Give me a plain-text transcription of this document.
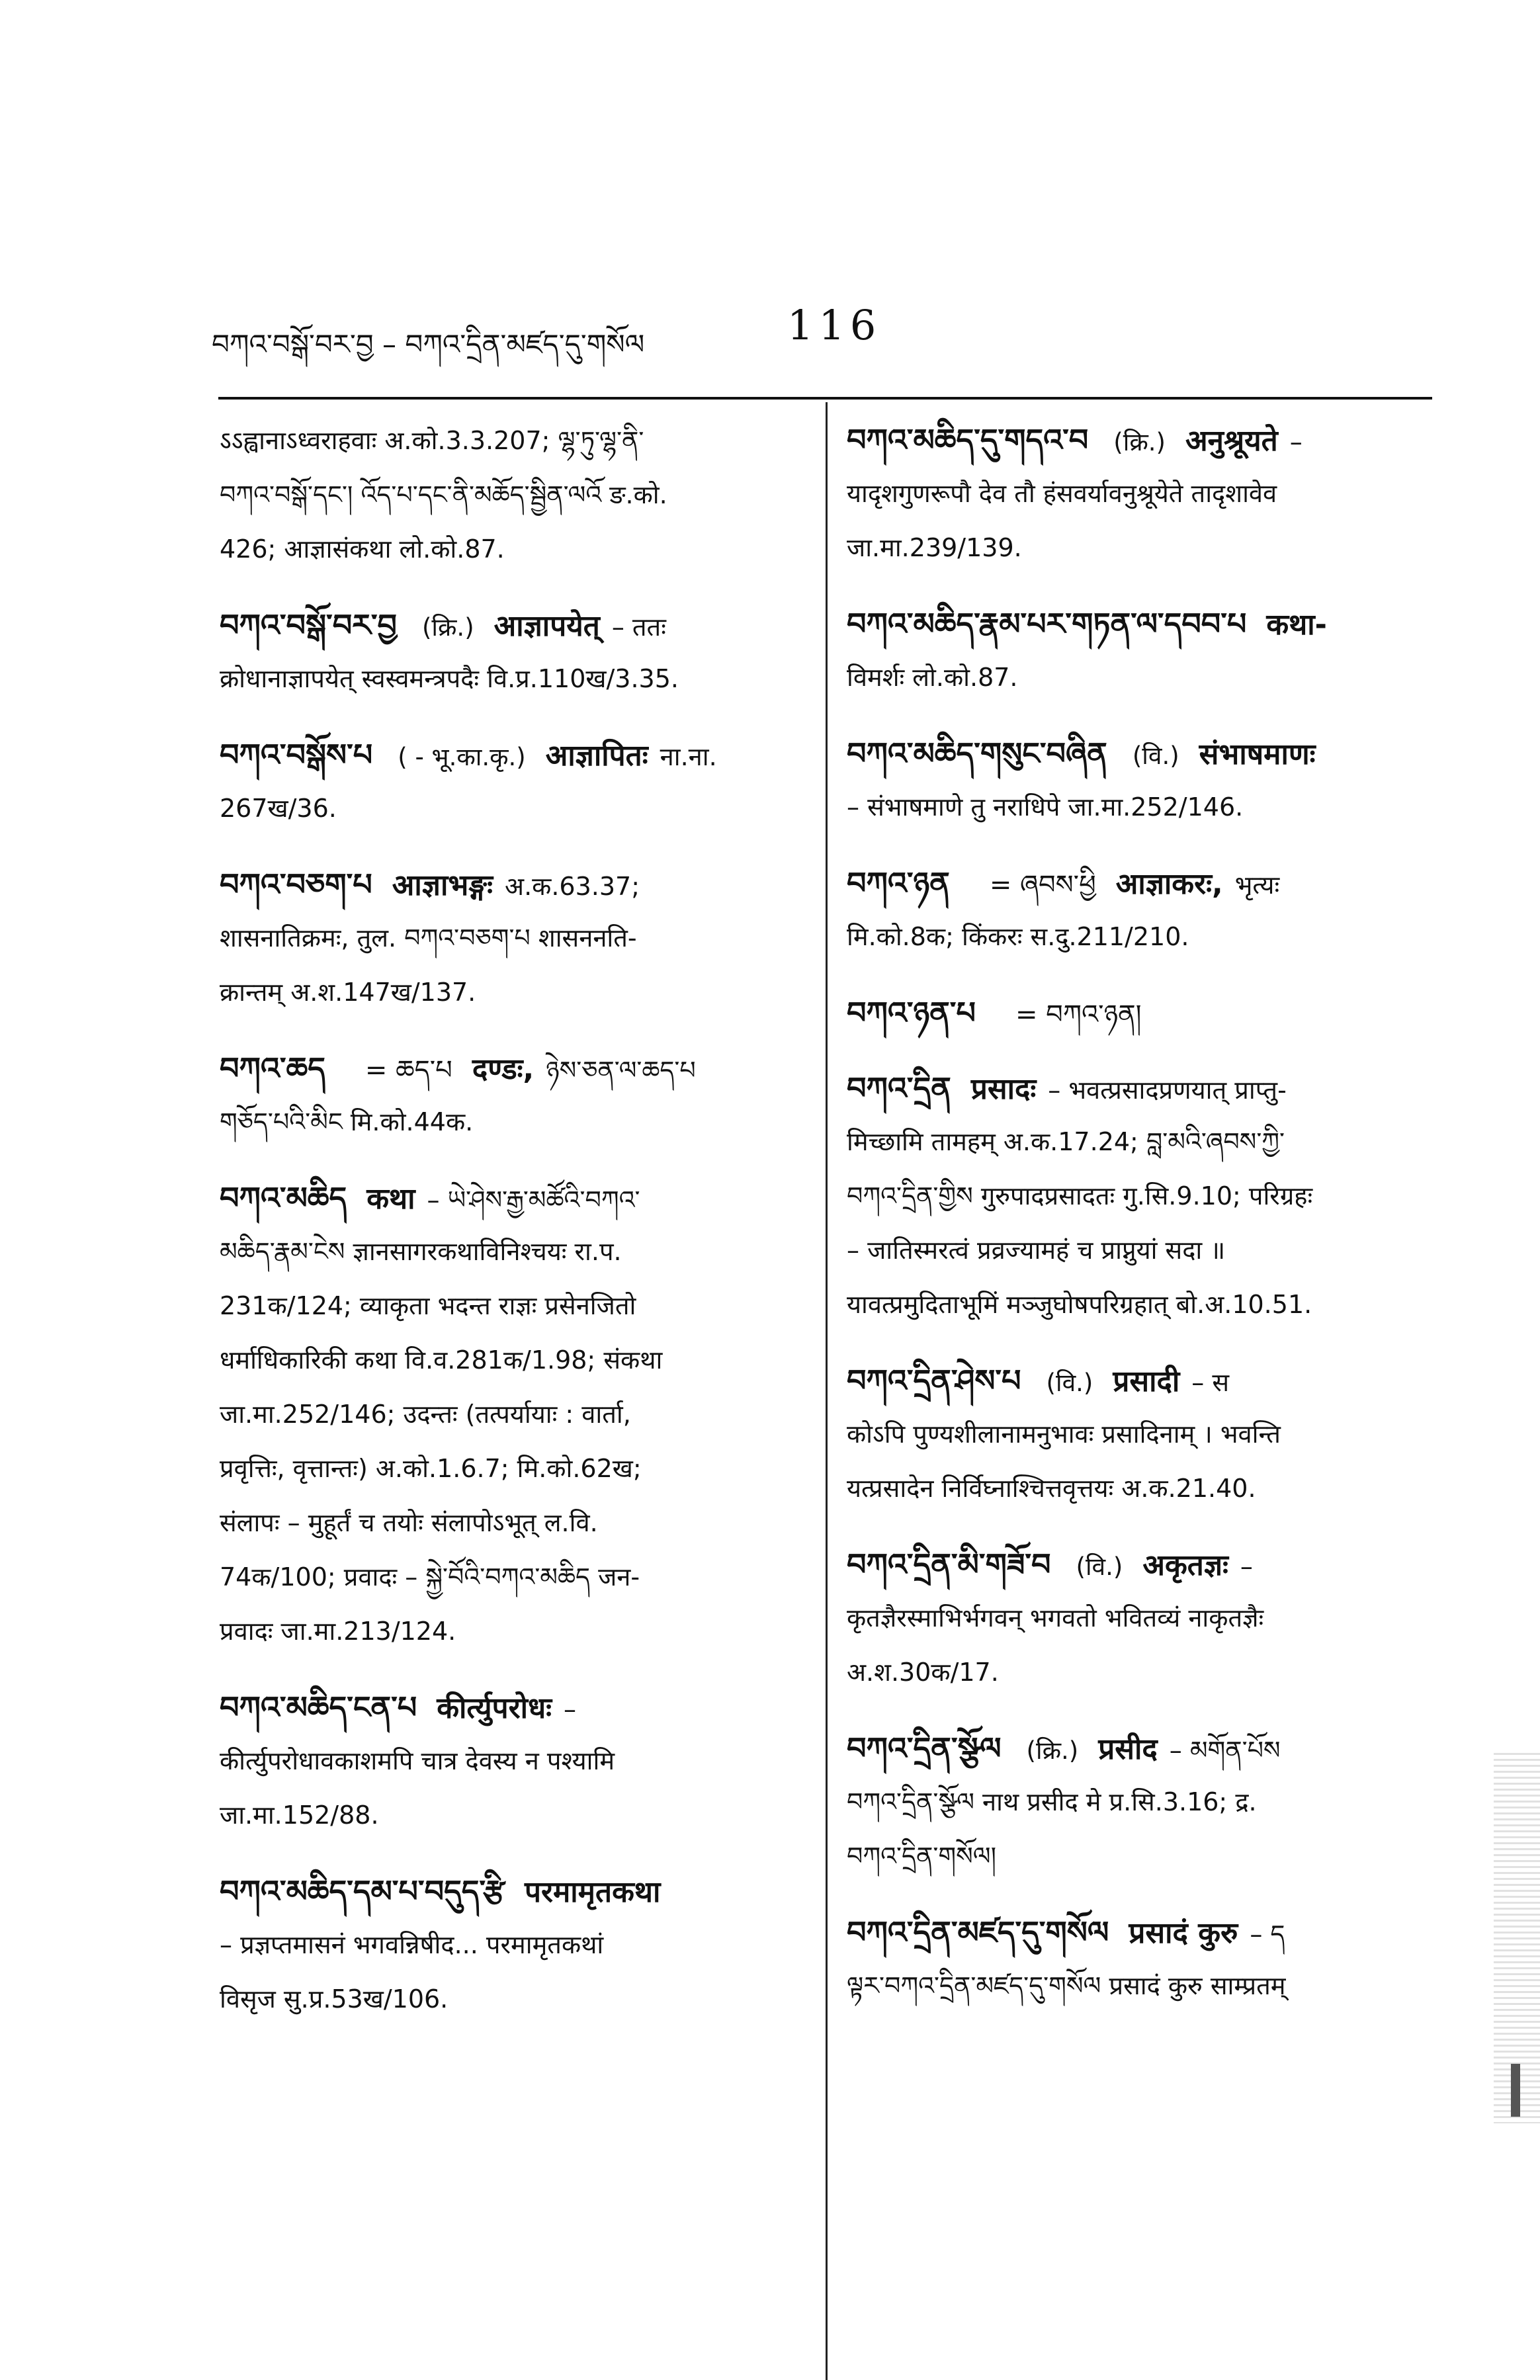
བཀའ་བསྒོ་བར་བྱ – བཀའ་དྲིན་མཛད་དུ་གསོལ	116
ऽऽह्वानाऽध्वराहवाः अ.को.3.3.207; ལྷ་ཏུ་ལྷ་ནི་
བཀའ་བསྒོ་དང་། འོད་པ་དང་ནི་མཆོད་སྦྱིན་ལའོ ङ.को.
426; आज्ञासंकथा लो.को.87.
བཀའ་བསྒོ་བར་བྱ (क्रि.) आज्ञापयेत् – ततः
क्रोधानाज्ञापयेत् स्वस्वमन्त्रपदैः वि.प्र.110ख/3.35.
བཀའ་བསྒོས་པ ( - भू.का.कृ.) आज्ञापितः ना.ना.
267ख/36.
བཀའ་བཅག་པ आज्ञाभङ्गः अ.क.63.37;
शासनातिक्रमः, तुल. བཀའ་བཅག་པ शासननति-
क्रान्तम् अ.श.147ख/137.
བཀའ་ཆད = ཆད་པ दण्डः, ཉེས་ཅན་ལ་ཆད་པ
གཅོད་པའི་མིང मि.को.44क.
བཀའ་མཆིད कथा – ཡེ་ཤེས་རྒྱ་མཚོའི་བཀའ་
མཆིད་རྣམ་ངེས ज्ञानसागरकथाविनिश्चयः रा.प.
231क/124; व्याकृता भदन्त राज्ञः प्रसेनजितो
धर्माधिकारिकी कथा वि.व.281क/1.98; संकथा
जा.मा.252/146; उदन्तः (तत्पर्यायाः : वार्ता,
प्रवृत्तिः, वृत्तान्तः) अ.को.1.6.7; मि.को.62ख;
संलापः – मुहूर्तं च तयोः संलापोऽभूत् ल.वि.
74क/100; प्रवादः – སྐྱེ་བོའི་བཀའ་མཆིད जन-
प्रवादः जा.मा.213/124.
བཀའ་མཆིད་ངན་པ कीर्त्युपरोधः –
कीर्त्युपरोधावकाशमपि चात्र देवस्य न पश्यामि
जा.मा.152/88.
བཀའ་མཆིད་དམ་པ་བདུད་རྩི परमामृतकथा
– प्रज्ञप्तमासनं भगवन्निषीद... परमामृतकथां
विसृज सु.प्र.53ख/106.
བཀའ་མཆིད་དུ་གདའ་བ (क्रि.) अनुश्रूयते –
यादृशगुणरूपौ देव तौ हंसवर्यावनुश्रूयेते तादृशावेव
जा.मा.239/139.
བཀའ་མཆིད་རྣམ་པར་གཏན་ལ་དབབ་པ कथा-
विमर्शः लो.को.87.
བཀའ་མཆིད་གསུང་བཞིན (वि.) संभाषमाणः
– संभाषमाणे तु नराधिपे जा.मा.252/146.
བཀའ་ཉན = ཞབས་ཕྱི आज्ञाकरः, भृत्यः
मि.को.8क; किंकरः स.दु.211/210.
བཀའ་ཉན་པ = བཀའ་ཉན།
བཀའ་དྲིན प्रसादः – भवत्प्रसादप्रणयात् प्राप्तु-
मिच्छामि तामहम् अ.क.17.24; བླ་མའི་ཞབས་ཀྱི་
བཀའ་དྲིན་གྱིས गुरुपादप्रसादतः गु.सि.9.10; परिग्रहः
– जातिस्मरत्वं प्रव्रज्यामहं च प्राप्नुयां सदा ॥
यावत्प्रमुदिताभूमिं मञ्जुघोषपरिग्रहात् बो.अ.10.51.
བཀའ་དྲིན་ཤེས་པ (वि.) प्रसादी – स
कोऽपि पुण्यशीलानामनुभावः प्रसादिनाम् । भवन्ति
यत्प्रसादेन निर्विघ्नाश्चित्तवृत्तयः अ.क.21.40.
བཀའ་དྲིན་མི་གཟོ་བ (वि.) अकृतज्ञः –
कृतज्ञैरस्माभिर्भगवन् भगवतो भवितव्यं नाकृतज्ञैः
अ.श.30क/17.
བཀའ་དྲིན་སྩོལ (क्रि.) प्रसीद – མགོན་པོས
བཀའ་དྲིན་སྩོལ नाथ प्रसीद मे प्र.सि.3.16; द्र.
བཀའ་དྲིན་གསོལ།
བཀའ་དྲིན་མཛད་དུ་གསོལ प्रसादं कुरु – ད
ལྟར་བཀའ་དྲིན་མཛད་དུ་གསོལ प्रसादं कुरु साम्प्रतम्
